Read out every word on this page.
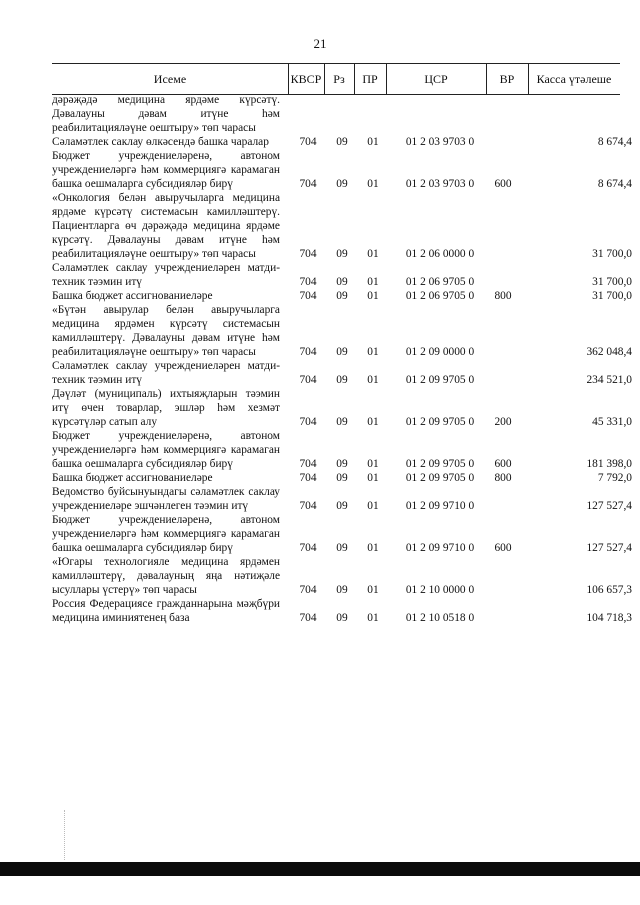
21
Исеме	КВСР Рз	ПР	ЦСР	ВР	Касса үтәлеше
дәрәҗәдә медицина ярдәме күрсәтү. Дәвалауны дәвам итүне һәм реабилитацияләүне оештыру» төп чарасы
Сәламәтлек саклау өлкәсендә башка чаралар	704	09	01	01 2 03 9703 0	8 674,4
Бюджет учреждениеләренә, автоном учреждениеләргә һәм коммерциягә карамаган башка оешмаларга субсидияләр бирү	704	09	01	01 2 03 9703 0	600	8 674,4
«Онкология белән авыручыларга медицина ярдәме күрсәтү системасын камилләштерү. Пациентларга өч дәрәҗәдә медицина ярдәме күрсәтү. Дәвалауны дәвам итүне һәм реабилитацияләүне оештыру» төп чарасы	704	09	01	01 2 06 0000 0	31 700,0
Сәламәтлек саклау учреждениеләрен матди-техник тәэмин итү	704	09	01	01 2 06 9705 0	31 700,0
Башка бюджет ассигнованиеләре	704	09	01	01 2 06 9705 0	800	31 700,0
«Бүтән авырулар белән авыручыларга медицина ярдәмен күрсәтү системасын камилләштерү. Дәвалауны дәвам итүне һәм реабилитацияләүне оештыру» төп чарасы	704	09	01	01 2 09 0000 0	362 048,4
Сәламәтлек саклау учреждениеләрен матди-техник тәэмин итү	704	09	01	01 2 09 9705 0	234 521,0
Дәүләт (муниципаль) ихтыяҗларын тәэмин итү өчен товарлар, эшләр һәм хезмәт күрсәтүләр сатып алу	704	09	01	01 2 09 9705 0	200	45 331,0
Бюджет учреждениеләренә, автоном учреждениеләргә һәм коммерциягә карамаган башка оешмаларга субсидияләр бирү	704	09	01	01 2 09 9705 0	600	181 398,0
Башка бюджет ассигнованиеләре	704	09	01	01 2 09 9705 0	800	7 792,0
Ведомство буйсынуындагы сәламәтлек саклау учреждениеләре эшчәнлеген тәэмин итү	704	09	01	01 2 09 9710 0	127 527,4
Бюджет учреждениеләренә, автоном учреждениеләргә һәм коммерциягә карамаган башка оешмаларга субсидияләр бирү	704	09	01	01 2 09 9710 0	600	127 527,4
«Югары технологияле медицина ярдәмен камилләштерү, дәвалауның яңа нәтиҗәле ысуллары үстерү» төп чарасы	704	09	01	01 2 10 0000 0	106 657,3
Россия Федерациясе гражданнарына мәҗбүри медицина иминиятенең база	704	09	01	01 2 10 0518 0	104 718,3
